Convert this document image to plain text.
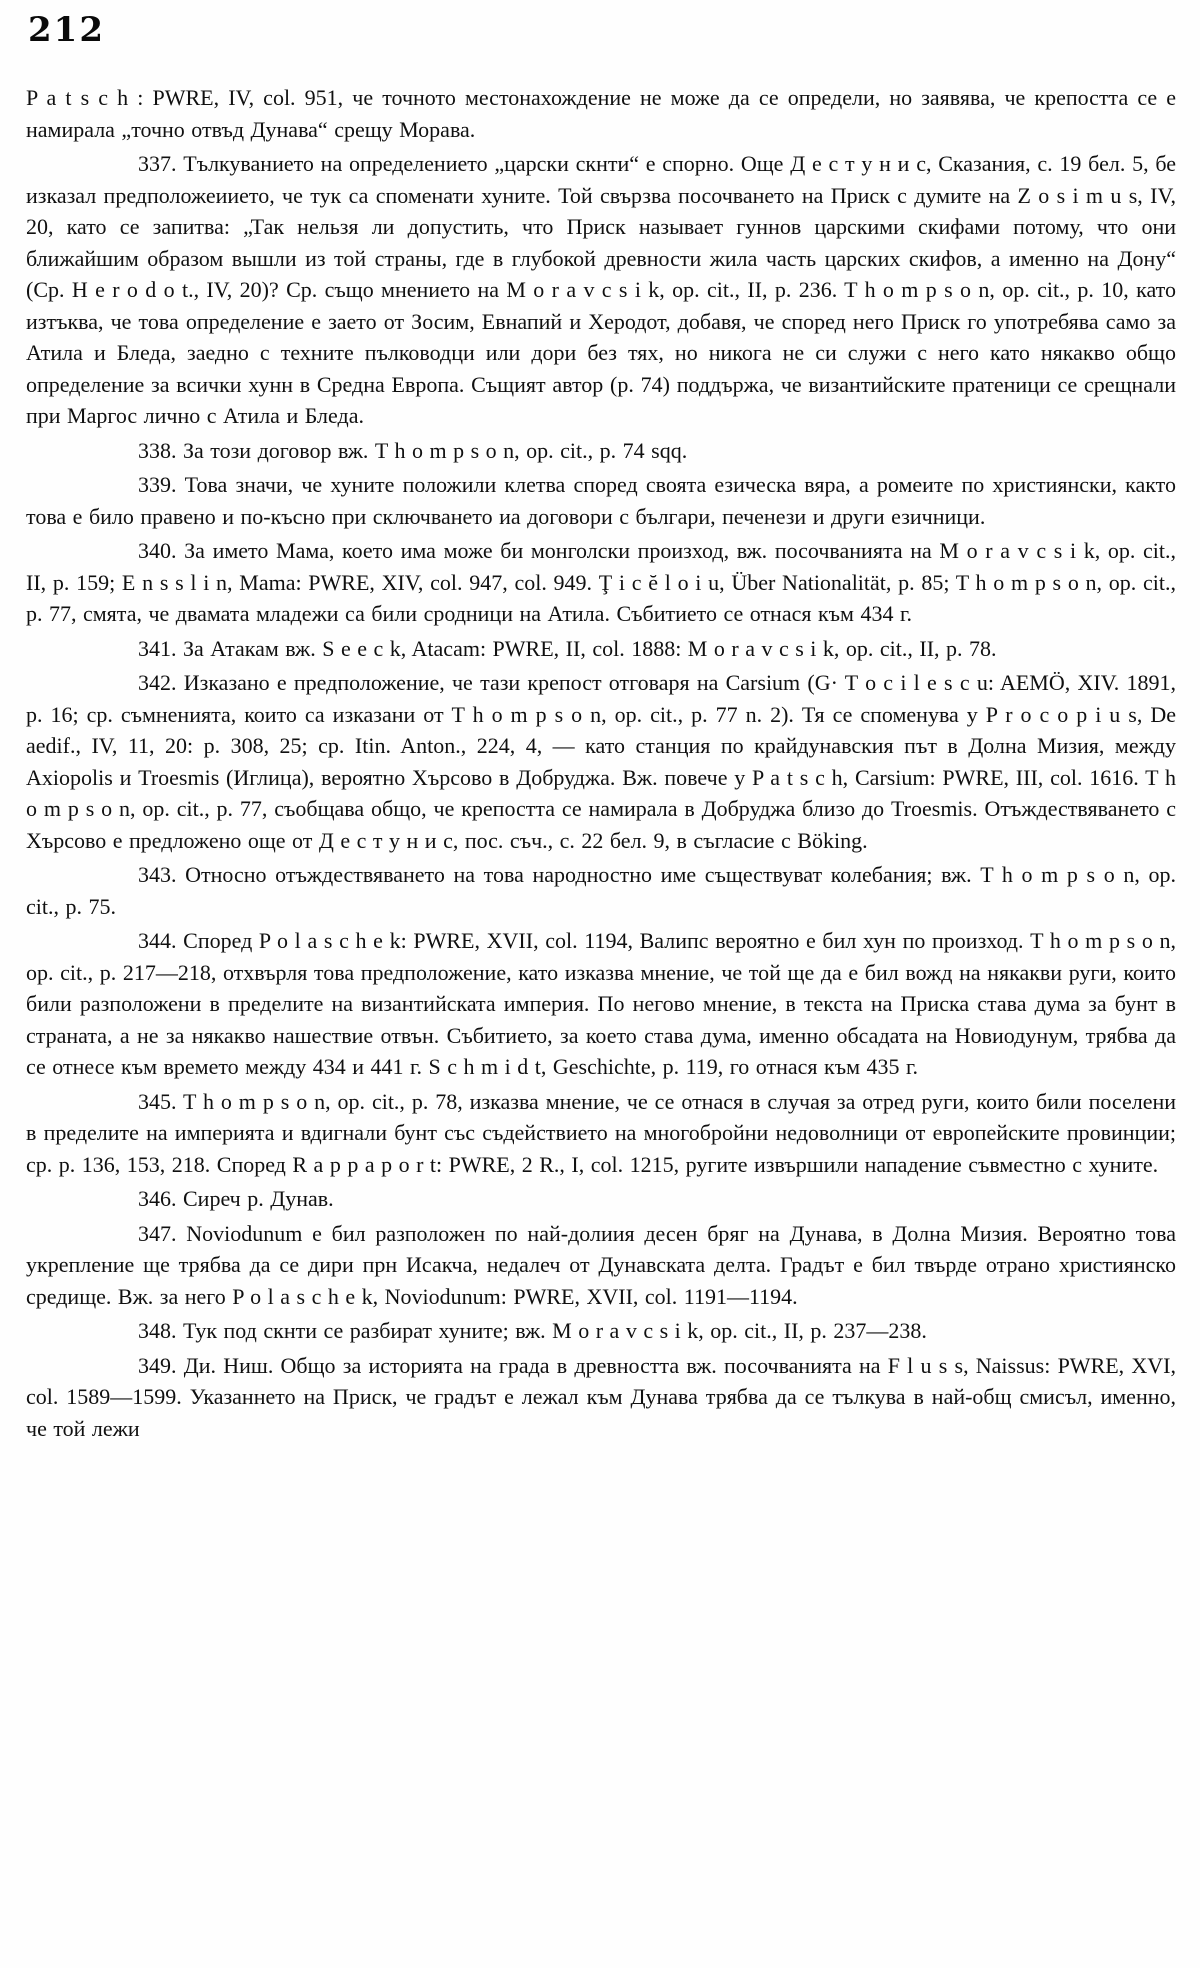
212

P a t s c h : PWRE, IV, col. 951, че точното местонахождение не може да се определи, но заявява, че крепостта се е намирала „точно отвъд Дунава“ срещу Морава.

337. Тълкуванието на определението „царски скнти“ е спорно. Още Д е с т у н и с, Сказания, с. 19 бел. 5, бе изказал предположеиието, че тук са споменати хуните. Той свързва посочването на Приск с думите на Z o s i m u s, IV, 20, като се запитва: „Так нельзя ли допустить, что Приск называет гуннов царскими скифами потому, что они ближайшим образом вышли из той страны, где в глубокой древности жила часть царских скифов, а именно на Дону“ (Ср. H e r o d o t., IV, 20)? Ср. също мнението на M o r a v c s i k, op. cit., II, p. 236. T h o m p s o n, op. cit., p. 10, като изтъква, че това определение е заето от Зосим, Евнапий и Херодот, добавя, че според него Приск го употребява само за Атила и Бледа, заедно с техните пълководци или дори без тях, но никога не си служи с него като някакво общо определение за всички хунн в Средна Европа. Същият автор (р. 74) поддържа, че византийските пратеници се срещнали при Маргос лично с Атила и Бледа.

338. За този договор вж. T h o m p s o n, op. cit., p. 74 sqq.

339. Това значи, че хуните положили клетва според своята езическа вяра, а ромеите по християнски, както това е било правено и по-късно при сключването иа договори с българи, печенези и други езичници.

340. За името Мама, което има може би монголски произход, вж. посочванията на M o r a v c s i k, op. cit., II, p. 159; E n s s l i n, Mama: PWRE, XIV, col. 947, col. 949. Ţ i c ĕ l o i u, Über Nationalität, p. 85; T h o m p s o n, op. cit., p. 77, смята, че двамата младежи са били сродници на Атила. Събитието се отнася към 434 г.

341. За Атакам вж. S e e c k, Atacam: PWRE, II, col. 1888: M o r a v c s i k, op. cit., II, p. 78.

342. Изказано е предположение, че тази крепост отговаря на Carsium (G· T o c i l e s c u: AEMÖ, XIV. 1891, p. 16; ср. съмненията, които са изказани от T h o m p s o n, op. cit., p. 77 n. 2). Тя се споменува у P r o c o p i u s, De aedif., IV, 11, 20: p. 308, 25; ср. Itin. Anton., 224, 4, — като станция по крайдунавския път в Долна Мизия, между Axiopolis и Troesmis (Иглица), вероятно Хърсово в Добруджа. Вж. повече у P a t s c h, Carsium: PWRE, III, col. 1616. T h o m p s o n, op. cit., p. 77, съобщава общо, че крепостта се намирала в Добруджа близо до Troesmis. Отъждествяването с Хърсово е предложено още от Д е с т у н и с, пос. съч., с. 22 бел. 9, в съгласие с Böking.

343. Относно отъждествяването на това народностно име съществуват колебания; вж. T h o m p s o n, op. cit., p. 75.

344. Според P o l a s c h e k: PWRE, XVII, col. 1194, Валипс вероятно е бил хун по произход. T h o m p s o n, op. cit., p. 217—218, отхвърля това предположение, като изказва мнение, че той ще да е бил вожд на някакви руги, които били разположени в пределите на византийската империя. По негово мнение, в текста на Приска става дума за бунт в страната, а не за някакво нашествие отвън. Събитието, за което става дума, именно обсадата на Новиодунум, трябва да се отнесе към времето между 434 и 441 г. S c h m i d t, Geschichte, p. 119, го отнася към 435 г.

345. T h o m p s o n, op. cit., p. 78, изказва мнение, че се отнася в случая за отред руги, които били поселени в пределите на империята и вдигнали бунт със съдействието на многобройни недоволници от европейските провинции; ср. р. 136, 153, 218. Според R a p p a p o r t: PWRE, 2 R., I, col. 1215, ругите извършили нападение съвместно с хуните.

346. Сиреч р. Дунав.

347. Noviodunum е бил разположен по най-долиия десен бряг на Дунава, в Долна Мизия. Вероятно това укрепление ще трябва да се дири прн Исакча, недалеч от Дунавската делта. Градът е бил твърде отрано християнско средище. Вж. за него P o l a s c h e k, Noviodunum: PWRE, XVII, col. 1191—1194.

348. Тук под скнти се разбират хуните; вж. M o r a v c s i k, op. cit., II, p. 237—238.

349. Ди. Ниш. Общо за историята на града в древността вж. посочванията на F l u s s, Naissus: PWRE, XVI, col. 1589—1599. Указаннето на Приск, че градът е лежал към Дунава трябва да се тълкува в най-общ смисъл, именно, че той лежи
